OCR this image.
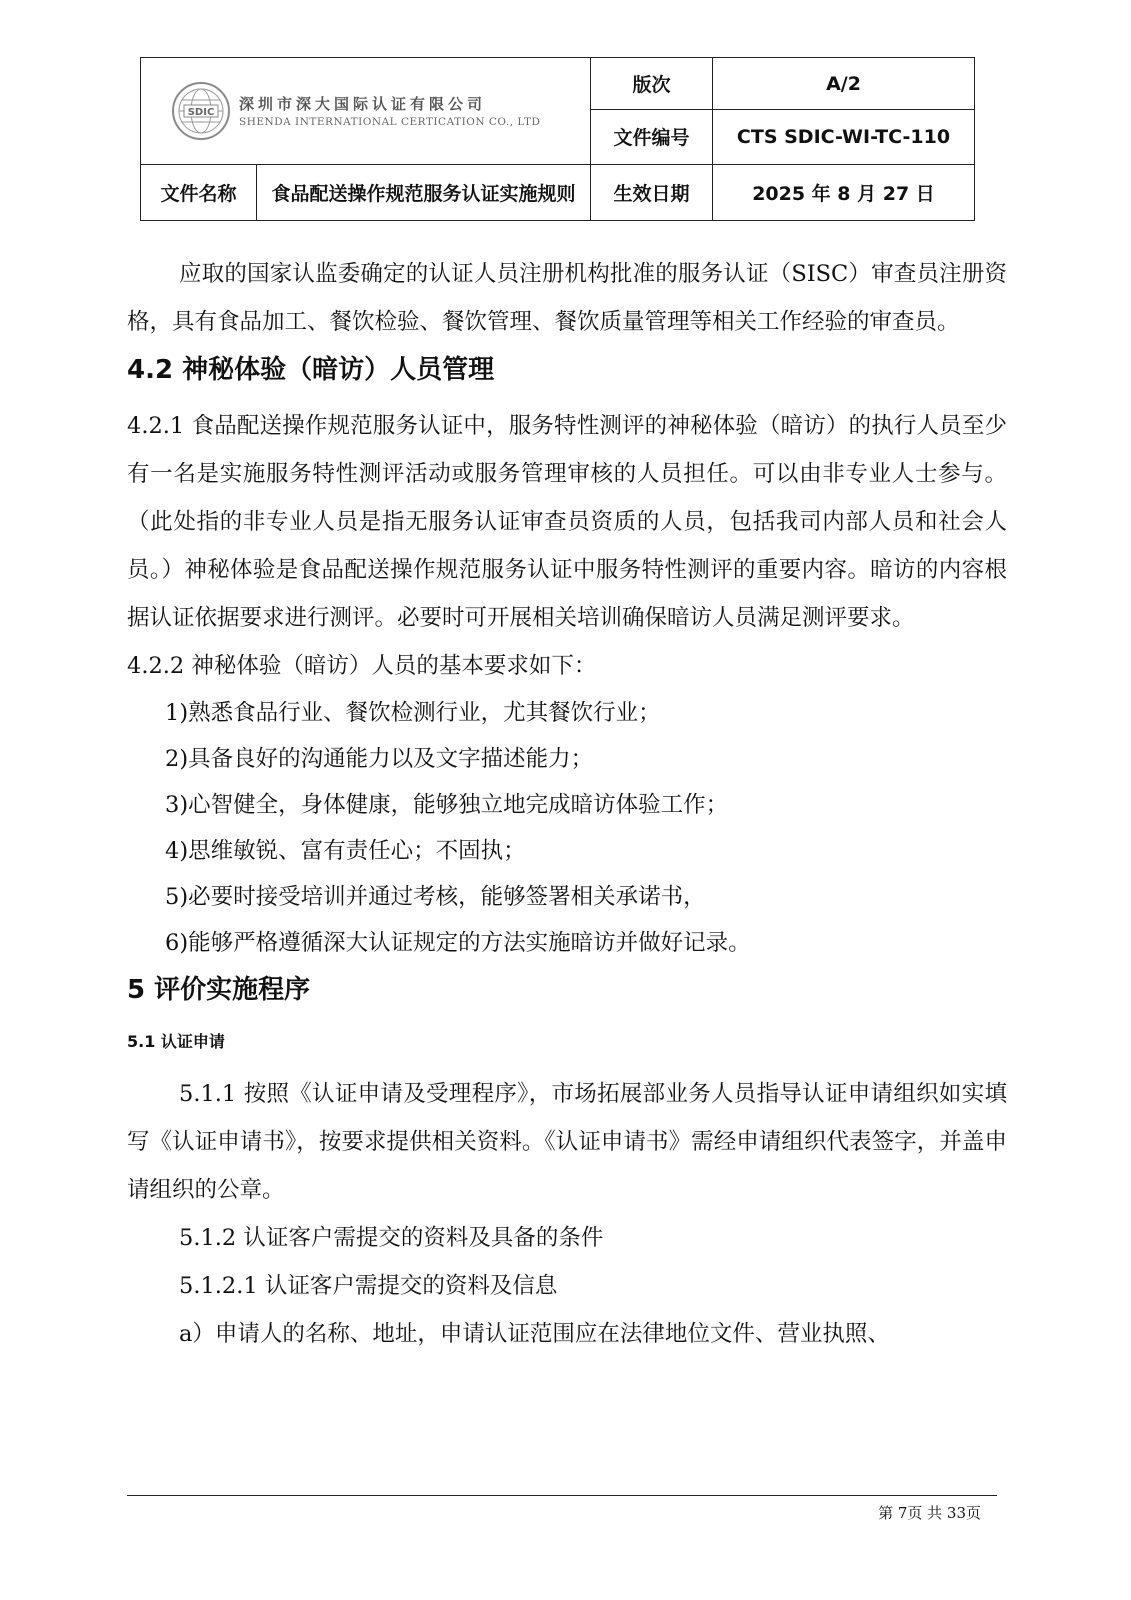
SDIC 深圳市深大国际认证有限公司
SHENDA INTERNATIONAL CERTICATION CO., LTD		版次	A/2
		文件编号	CTS SDIC-WI-TC-110
文件名称	食品配送操作规范服务认证实施规则	生效日期	2025 年 8 月 27 日

应取的国家认监委确定的认证人员注册机构批准的服务认证（SISC）审查员注册资格，具有食品加工、餐饮检验、餐饮管理、餐饮质量管理等相关工作经验的审查员。

4.2 神秘体验（暗访）人员管理

4.2.1 食品配送操作规范服务认证中，服务特性测评的神秘体验（暗访）的执行人员至少有一名是实施服务特性测评活动或服务管理审核的人员担任。可以由非专业人士参与。（此处指的非专业人员是指无服务认证审查员资质的人员，包括我司内部人员和社会人员。）神秘体验是食品配送操作规范服务认证中服务特性测评的重要内容。暗访的内容根据认证依据要求进行测评。必要时可开展相关培训确保暗访人员满足测评要求。

4.2.2 神秘体验（暗访）人员的基本要求如下：

1)熟悉食品行业、餐饮检测行业，尤其餐饮行业；

2)具备良好的沟通能力以及文字描述能力；

3)心智健全，身体健康，能够独立地完成暗访体验工作；

4)思维敏锐、富有责任心；不固执；

5)必要时接受培训并通过考核，能够签署相关承诺书，

6)能够严格遵循深大认证规定的方法实施暗访并做好记录。

5 评价实施程序

5.1 认证申请

5.1.1 按照《认证申请及受理程序》，市场拓展部业务人员指导认证申请组织如实填写《认证申请书》，按要求提供相关资料。《认证申请书》需经申请组织代表签字，并盖申请组织的公章。

5.1.2 认证客户需提交的资料及具备的条件

5.1.2.1 认证客户需提交的资料及信息

a）申请人的名称、地址，申请认证范围应在法律地位文件、营业执照、

第 7页 共 33页
